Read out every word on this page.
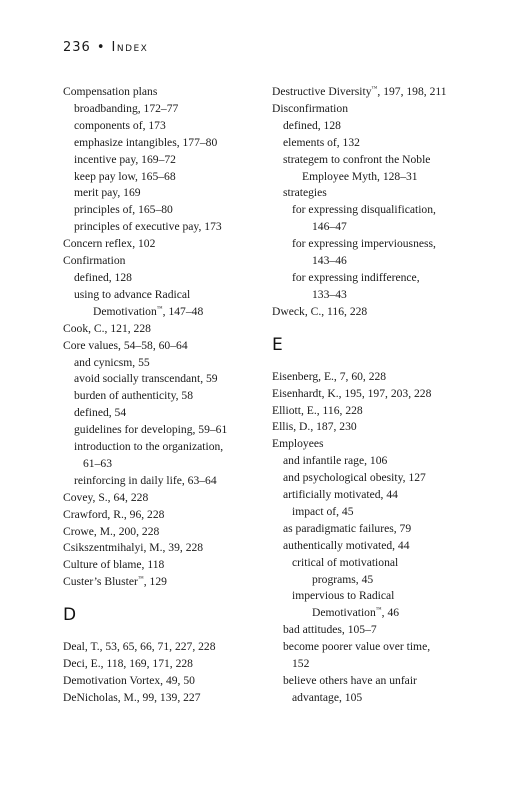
236 • Index
Compensation plans
broadbanding, 172–77
components of, 173
emphasize intangibles, 177–80
incentive pay, 169–72
keep pay low, 165–68
merit pay, 169
principles of, 165–80
principles of executive pay, 173
Concern reflex, 102
Confirmation
defined, 128
using to advance Radical
Demotivation™, 147–48
Cook, C., 121, 228
Core values, 54–58, 60–64
and cynicsm, 55
avoid socially transcendant, 59
burden of authenticity, 58
defined, 54
guidelines for developing, 59–61
introduction to the organization,
61–63
reinforcing in daily life, 63–64
Covey, S., 64, 228
Crawford, R., 96, 228
Crowe, M., 200, 228
Csikszentmihalyi, M., 39, 228
Culture of blame, 118
Custer’s Bluster™, 129
D
Deal, T., 53, 65, 66, 71, 227, 228
Deci, E., 118, 169, 171, 228
Demotivation Vortex, 49, 50
DeNicholas, M., 99, 139, 227
Destructive Diversity™, 197, 198, 211
Disconfirmation
defined, 128
elements of, 132
strategem to confront the Noble
Employee Myth, 128–31
strategies
for expressing disqualification,
146–47
for expressing imperviousness,
143–46
for expressing indifference,
133–43
Dweck, C., 116, 228
E
Eisenberg, E., 7, 60, 228
Eisenhardt, K., 195, 197, 203, 228
Elliott, E., 116, 228
Ellis, D., 187, 230
Employees
and infantile rage, 106
and psychological obesity, 127
artificially motivated, 44
impact of, 45
as paradigmatic failures, 79
authentically motivated, 44
critical of motivational
programs, 45
impervious to Radical
Demotivation™, 46
bad attitudes, 105–7
become poorer value over time,
152
believe others have an unfair
advantage, 105
